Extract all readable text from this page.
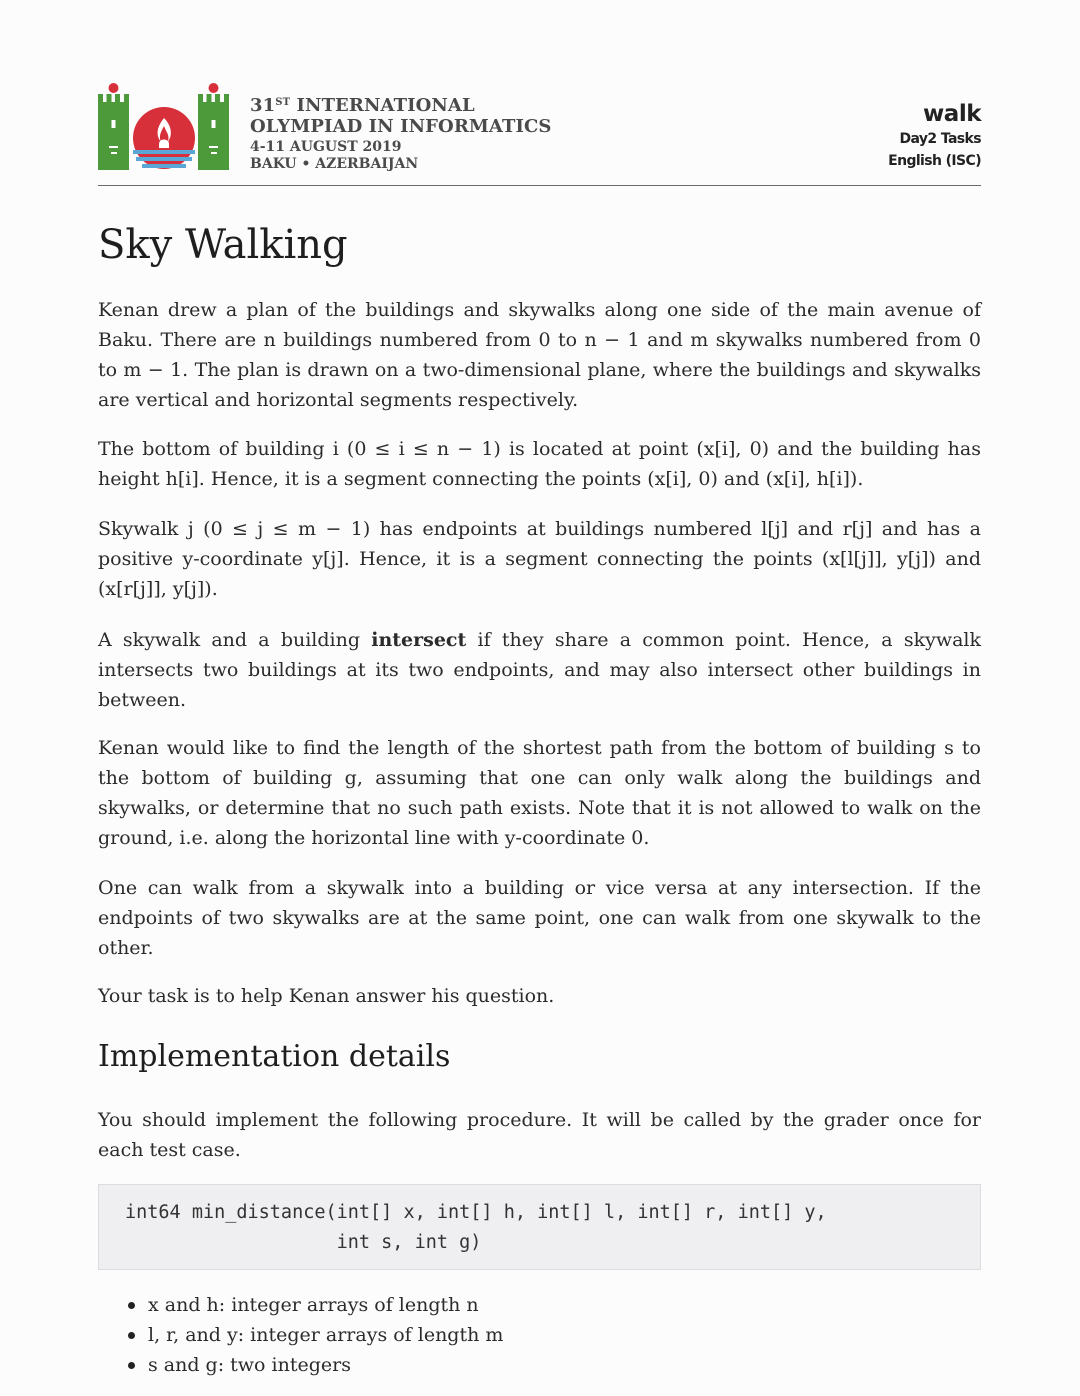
31ST INTERNATIONAL
OLYMPIAD IN INFORMATICS
4-11 AUGUST 2019
BAKU • AZERBAIJAN
walk
Day2 Tasks
English (ISC)
Sky Walking

Kenan drew a plan of the buildings and skywalks along one side of the main avenue of Baku. There are n buildings numbered from 0 to n − 1 and m skywalks numbered from 0 to m − 1. The plan is drawn on a two-dimensional plane, where the buildings and skywalks are vertical and horizontal segments respectively.

The bottom of building i (0 ≤ i ≤ n − 1) is located at point (x[i], 0) and the building has height h[i]. Hence, it is a segment connecting the points (x[i], 0) and (x[i], h[i]).

Skywalk j (0 ≤ j ≤ m − 1) has endpoints at buildings numbered l[j] and r[j] and has a positive y-coordinate y[j]. Hence, it is a segment connecting the points (x[l[j]], y[j]) and (x[r[j]], y[j]).

A skywalk and a building intersect if they share a common point. Hence, a skywalk intersects two buildings at its two endpoints, and may also intersect other buildings in between.

Kenan would like to find the length of the shortest path from the bottom of building s to the bottom of building g, assuming that one can only walk along the buildings and skywalks, or determine that no such path exists. Note that it is not allowed to walk on the ground, i.e. along the horizontal line with y-coordinate 0.

One can walk from a skywalk into a building or vice versa at any intersection. If the endpoints of two skywalks are at the same point, one can walk from one skywalk to the other.

Your task is to help Kenan answer his question.

Implementation details

You should implement the following procedure. It will be called by the grader once for each test case.

int64 min_distance(int[] x, int[] h, int[] l, int[] r, int[] y,
int s, int g)
x and h: integer arrays of length n
l, r, and y: integer arrays of length m
s and g: two integers
